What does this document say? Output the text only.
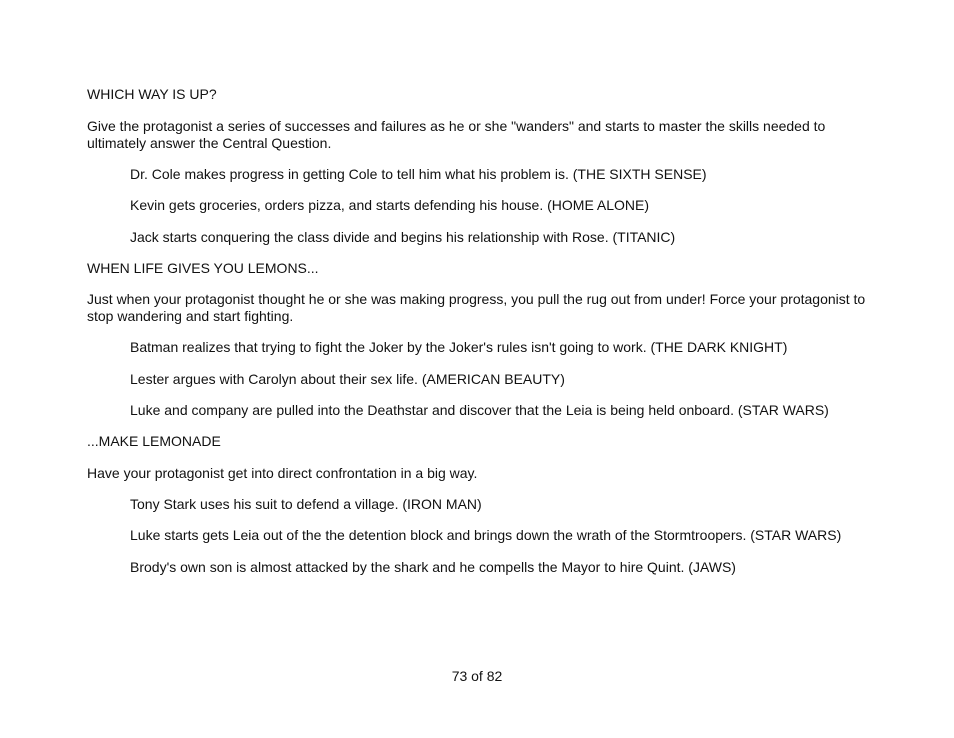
WHICH WAY IS UP?

Give the protagonist a series of successes and failures as he or she "wanders" and starts to master the skills needed to ultimately answer the Central Question.

Dr. Cole makes progress in getting Cole to tell him what his problem is. (THE SIXTH SENSE)

Kevin gets groceries, orders pizza, and starts defending his house. (HOME ALONE)

Jack starts conquering the class divide and begins his relationship with Rose. (TITANIC)

WHEN LIFE GIVES YOU LEMONS...

Just when your protagonist thought he or she was making progress, you pull the rug out from under! Force your protagonist to stop wandering and start fighting.

Batman realizes that trying to fight the Joker by the Joker's rules isn't going to work. (THE DARK KNIGHT)

Lester argues with Carolyn about their sex life. (AMERICAN BEAUTY)

Luke and company are pulled into the Deathstar and discover that the Leia is being held onboard. (STAR WARS)

...MAKE LEMONADE

Have your protagonist get into direct confrontation in a big way.

Tony Stark uses his suit to defend a village. (IRON MAN)

Luke starts gets Leia out of the the detention block and brings down the wrath of the Stormtroopers. (STAR WARS)

Brody's own son is almost attacked by the shark and he compells the Mayor to hire Quint. (JAWS)

73 of 82
